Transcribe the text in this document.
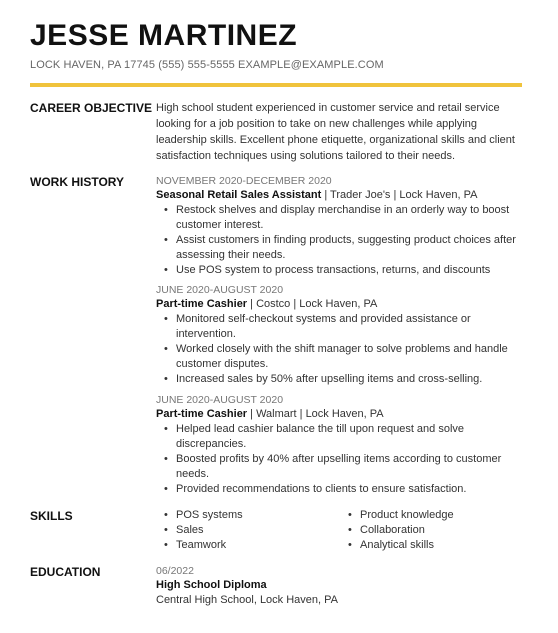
JESSE MARTINEZ
LOCK HAVEN, PA 17745 (555) 555-5555 EXAMPLE@EXAMPLE.COM
CAREER OBJECTIVE High school student experienced in customer service and retail service looking for a job position to take on new challenges while applying leadership skills. Excellent phone etiquette, organizational skills and client satisfaction techniques using solutions tailored to their needs.
WORK HISTORY	NOVEMBER 2020-DECEMBER 2020
Seasonal Retail Sales Assistant | Trader Joe's | Lock Haven, PA
• Restock shelves and display merchandise in an orderly way to boost customer interest.
• Assist customers in finding products, suggesting product choices after assessing their needs.
• Use POS system to process transactions, returns, and discounts
JUNE 2020-AUGUST 2020
Part-time Cashier | Costco | Lock Haven, PA
• Monitored self-checkout systems and provided assistance or intervention.
• Worked closely with the shift manager to solve problems and handle customer disputes.
• Increased sales by 50% after upselling items and cross-selling.
JUNE 2020-AUGUST 2020
Part-time Cashier | Walmart | Lock Haven, PA
• Helped lead cashier balance the till upon request and solve discrepancies.
• Boosted profits by 40% after upselling items according to customer needs.
• Provided recommendations to clients to ensure satisfaction.
SKILLS	• POS systems
• Sales
• Teamwork
• Product knowledge
• Collaboration
• Analytical skills
EDUCATION	06/2022
High School Diploma
Central High School, Lock Haven, PA
